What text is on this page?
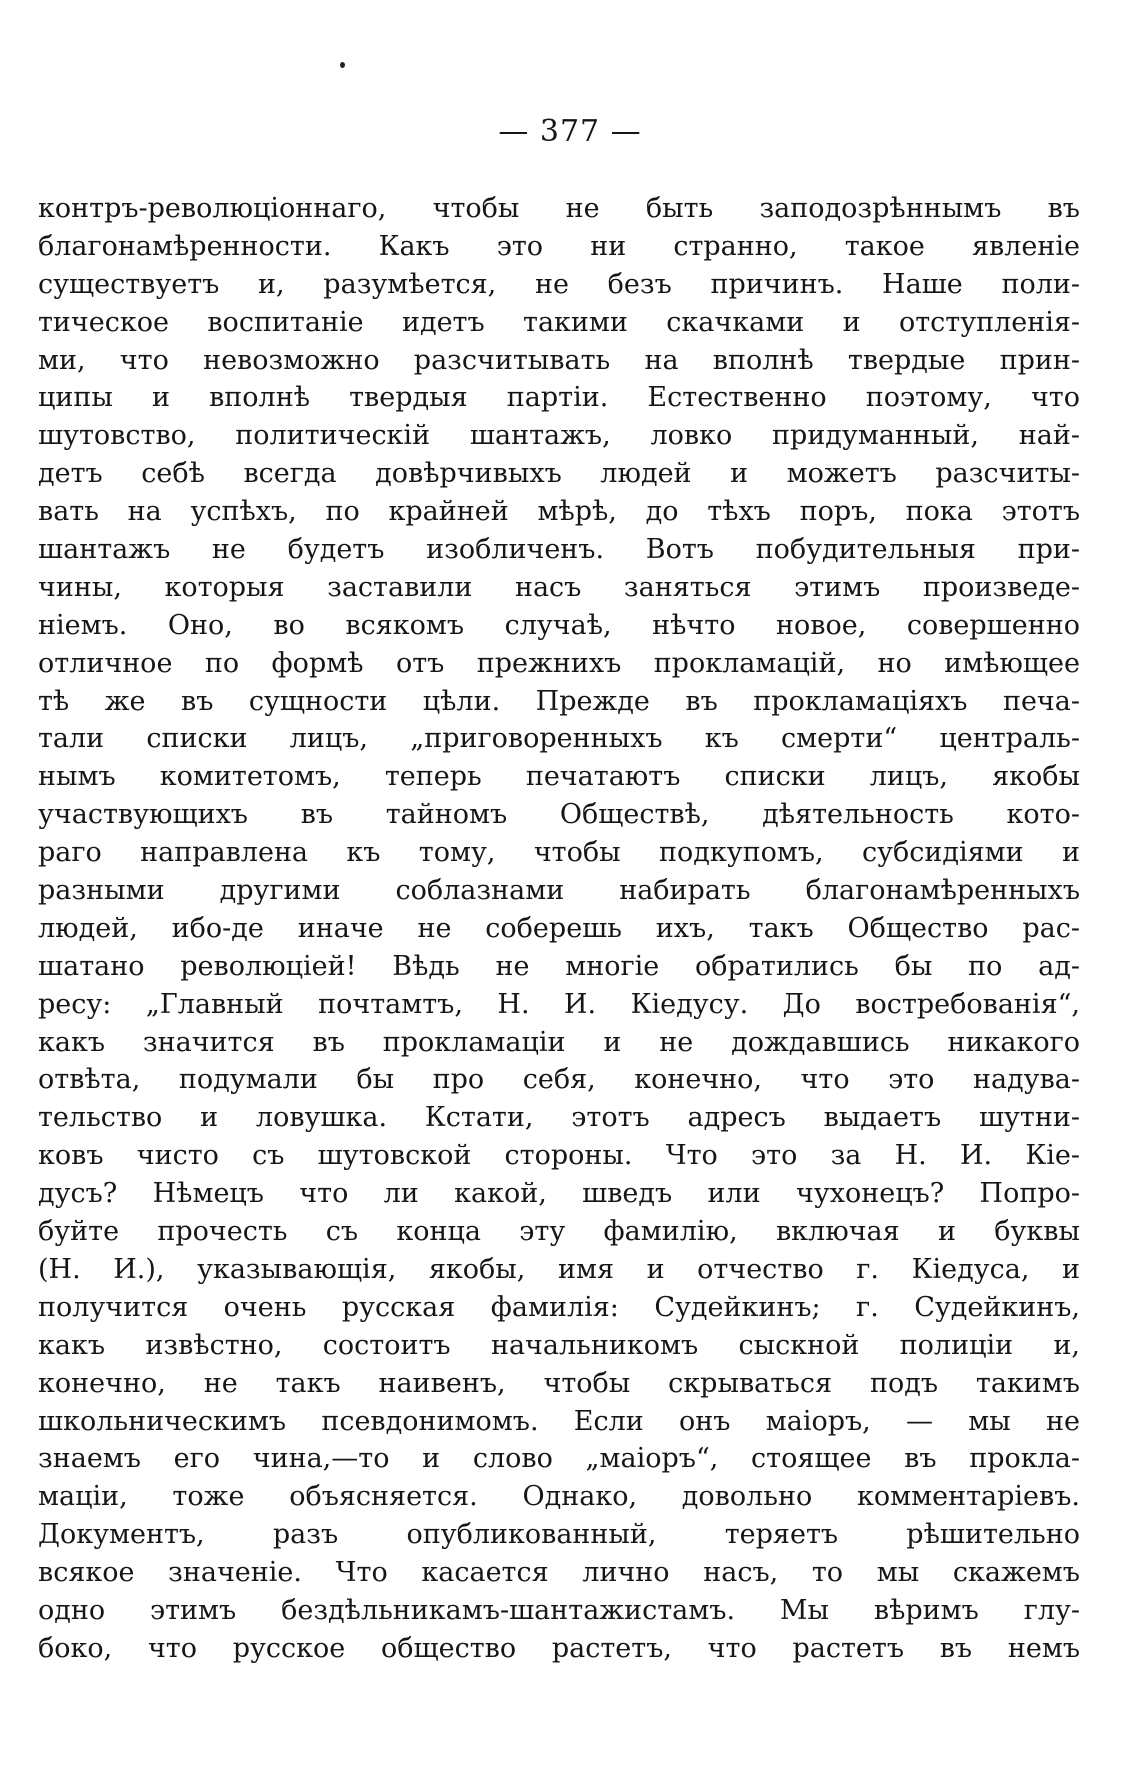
— 377 —
контръ-революціоннаго, чтобы не быть заподозрѣннымъ въ
благонамѣренности. Какъ это ни странно, такое явленіе
существуетъ и, разумѣется, не безъ причинъ. Наше поли-
тическое воспитаніе идетъ такими скачками и отступленія-
ми, что невозможно разсчитывать на вполнѣ твердые прин-
ципы и вполнѣ твердыя партіи. Естественно поэтому, что
шутовство, политическій шантажъ, ловко придуманный, най-
детъ себѣ всегда довѣрчивыхъ людей и можетъ разсчиты-
вать на успѣхъ, по крайней мѣрѣ, до тѣхъ поръ, пока этотъ
шантажъ не будетъ изобличенъ. Вотъ побудительныя при-
чины, которыя заставили насъ заняться этимъ произведе-
ніемъ. Оно, во всякомъ случаѣ, нѣчто новое, совершенно
отличное по формѣ отъ прежнихъ прокламацій, но имѣющее
тѣ же въ сущности цѣли. Прежде въ прокламаціяхъ печа-
тали списки лицъ, „приговоренныхъ къ смерти“ централь-
нымъ комитетомъ, теперь печатаютъ списки лицъ, якобы
участвующихъ въ тайномъ Обществѣ, дѣятельность кото-
раго направлена къ тому, чтобы подкупомъ, субсидіями и
разными другими соблазнами набирать благонамѣренныхъ
людей, ибо-де иначе не соберешь ихъ, такъ Общество рас-
шатано революціей! Вѣдь не многіе обратились бы по ад-
ресу: „Главный почтамтъ, Н. И. Кіедусу. До востребованія“,
какъ значится въ прокламаціи и не дождавшись никакого
отвѣта, подумали бы про себя, конечно, что это надува-
тельство и ловушка. Кстати, этотъ адресъ выдаетъ шутни-
ковъ чисто съ шутовской стороны. Что это за Н. И. Кіе-
дусъ? Нѣмецъ что ли какой, шведъ или чухонецъ? Попро-
буйте прочесть съ конца эту фамилію, включая и буквы
(Н. И.), указывающія, якобы, имя и отчество г. Кіедуса, и
получится очень русская фамилія: Судейкинъ; г. Судейкинъ,
какъ извѣстно, состоитъ начальникомъ сыскной полиціи и,
конечно, не такъ наивенъ, чтобы скрываться подъ такимъ
школьническимъ псевдонимомъ. Если онъ маіоръ, — мы не
знаемъ его чина,—то и слово „маіоръ“, стоящее въ прокла-
маціи, тоже объясняется. Однако, довольно комментаріевъ.
Документъ, разъ опубликованный, теряетъ рѣшительно
всякое значеніе. Что касается лично насъ, то мы скажемъ
одно этимъ бездѣльникамъ-шантажистамъ. Мы вѣримъ глу-
боко, что русское общество растетъ, что растетъ въ немъ
